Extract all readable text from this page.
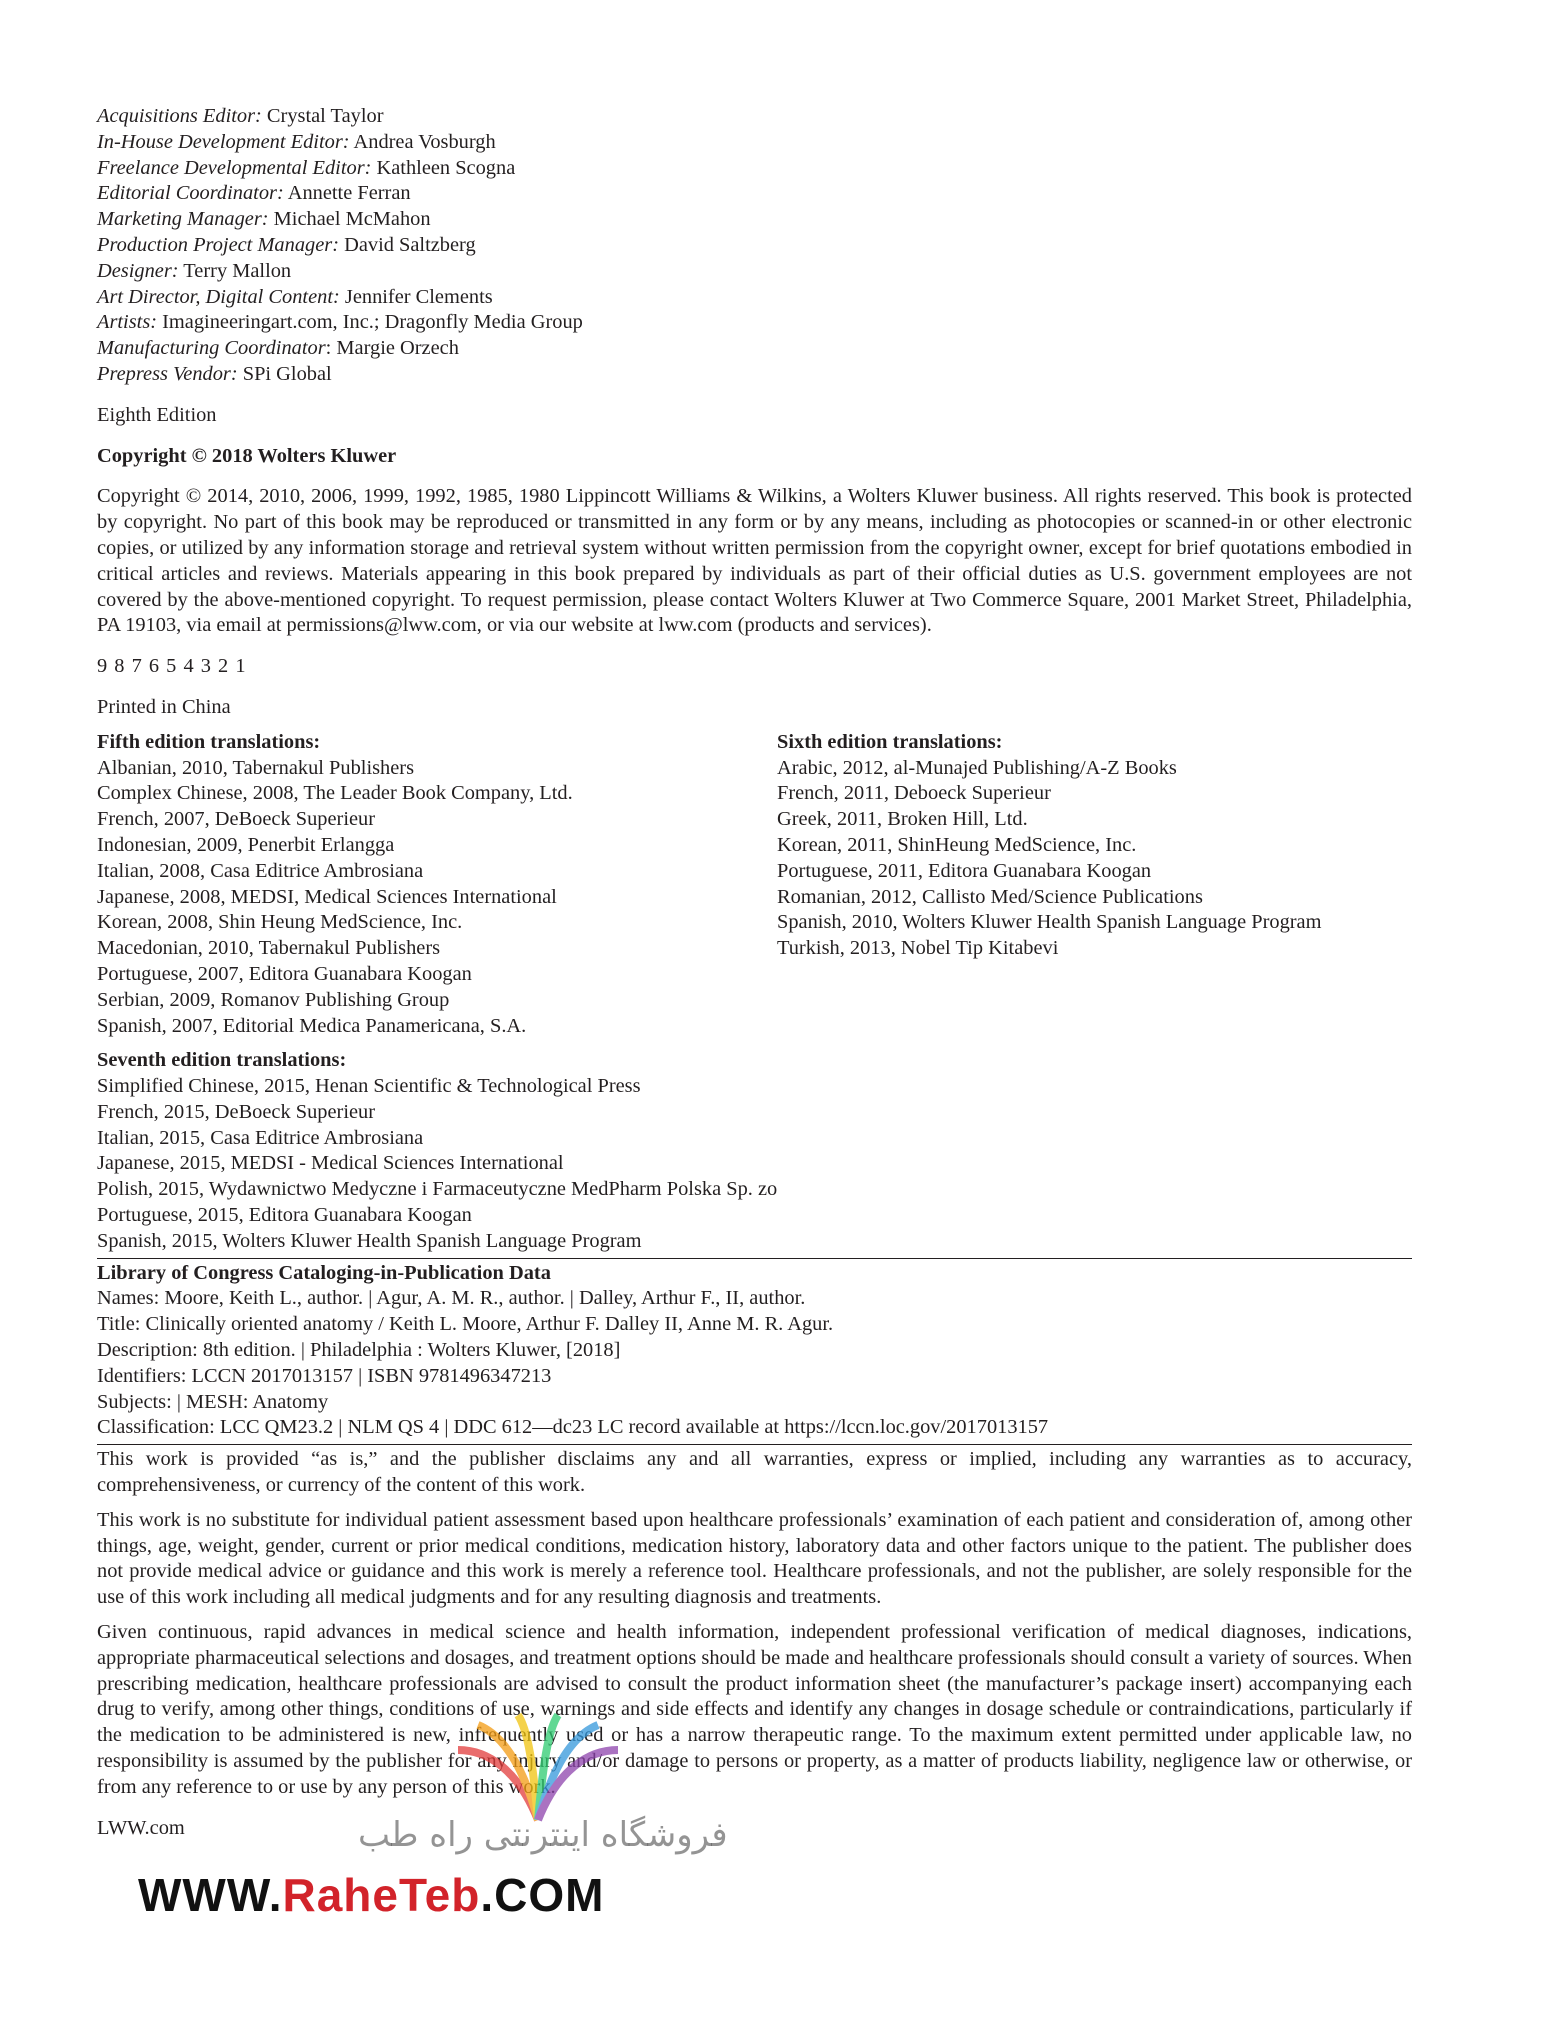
Acquisitions Editor: Crystal Taylor
In-House Development Editor: Andrea Vosburgh
Freelance Developmental Editor: Kathleen Scogna
Editorial Coordinator: Annette Ferran
Marketing Manager: Michael McMahon
Production Project Manager: David Saltzberg
Designer: Terry Mallon
Art Director, Digital Content: Jennifer Clements
Artists: Imagineeringart.com, Inc.; Dragonfly Media Group
Manufacturing Coordinator: Margie Orzech
Prepress Vendor: SPi Global

Eighth Edition

Copyright © 2018 Wolters Kluwer

Copyright © 2014, 2010, 2006, 1999, 1992, 1985, 1980 Lippincott Williams & Wilkins, a Wolters Kluwer business. All rights reserved. This book is protected by copyright. No part of this book may be reproduced or transmitted in any form or by any means, including as photocopies or scanned-in or other electronic copies, or utilized by any information storage and retrieval system without written permission from the copyright owner, except for brief quotations embodied in critical articles and reviews. Materials appearing in this book prepared by individuals as part of their official duties as U.S. government employees are not covered by the above-mentioned copyright. To request permission, please contact Wolters Kluwer at Two Commerce Square, 2001 Market Street, Philadelphia, PA 19103, via email at permissions@lww.com, or via our website at lww.com (products and services).

9 8 7 6 5 4 3 2 1

Printed in China

Fifth edition translations:
Albanian, 2010, Tabernakul Publishers
Complex Chinese, 2008, The Leader Book Company, Ltd.
French, 2007, DeBoeck Superieur
Indonesian, 2009, Penerbit Erlangga
Italian, 2008, Casa Editrice Ambrosiana
Japanese, 2008, MEDSI, Medical Sciences International
Korean, 2008, Shin Heung MedScience, Inc.
Macedonian, 2010, Tabernakul Publishers
Portuguese, 2007, Editora Guanabara Koogan
Serbian, 2009, Romanov Publishing Group
Spanish, 2007, Editorial Medica Panamericana, S.A.
Sixth edition translations:
Arabic, 2012, al-Munajed Publishing/A-Z Books
French, 2011, Deboeck Superieur
Greek, 2011, Broken Hill, Ltd.
Korean, 2011, ShinHeung MedScience, Inc.
Portuguese, 2011, Editora Guanabara Koogan
Romanian, 2012, Callisto Med/Science Publications
Spanish, 2010, Wolters Kluwer Health Spanish Language Program
Turkish, 2013, Nobel Tip Kitabevi
Seventh edition translations:
Simplified Chinese, 2015, Henan Scientific & Technological Press
French, 2015, DeBoeck Superieur
Italian, 2015, Casa Editrice Ambrosiana
Japanese, 2015, MEDSI - Medical Sciences International
Polish, 2015, Wydawnictwo Medyczne i Farmaceutyczne MedPharm Polska Sp. zo
Portuguese, 2015, Editora Guanabara Koogan
Spanish, 2015, Wolters Kluwer Health Spanish Language Program
Library of Congress Cataloging-in-Publication Data
Names: Moore, Keith L., author. | Agur, A. M. R., author. | Dalley, Arthur F., II, author.
Title: Clinically oriented anatomy / Keith L. Moore, Arthur F. Dalley II, Anne M. R. Agur.
Description: 8th edition. | Philadelphia : Wolters Kluwer, [2018]
Identifiers: LCCN 2017013157 | ISBN 9781496347213
Subjects: | MESH: Anatomy
Classification: LCC QM23.2 | NLM QS 4 | DDC 612—dc23 LC record available at https://lccn.loc.gov/2017013157

This work is provided “as is,” and the publisher disclaims any and all warranties, express or implied, including any warranties as to accuracy, comprehensiveness, or currency of the content of this work.

This work is no substitute for individual patient assessment based upon healthcare professionals’ examination of each patient and consideration of, among other things, age, weight, gender, current or prior medical conditions, medication history, laboratory data and other factors unique to the patient. The publisher does not provide medical advice or guidance and this work is merely a reference tool. Healthcare professionals, and not the publisher, are solely responsible for the use of this work including all medical judgments and for any resulting diagnosis and treatments.

Given continuous, rapid advances in medical science and health information, independent professional verification of medical diagnoses, indications, appropriate pharmaceutical selections and dosages, and treatment options should be made and healthcare professionals should consult a variety of sources. When prescribing medication, healthcare professionals are advised to consult the product information sheet (the manufacturer’s package insert) accompanying each drug to verify, among other things, conditions of use, warnings and side effects and identify any changes in dosage schedule or contraindications, particularly if the medication to be administered is new, infrequently used or has a narrow therapeutic range. To the maximum extent permitted under applicable law, no responsibility is assumed by the publisher for any injury and/or damage to persons or property, as a matter of products liability, negligence law or otherwise, or from any reference to or use by any person of this work.

LWW.com	فروشگاه اینترنتی راه طب
WWW.RaheTeb.COM
